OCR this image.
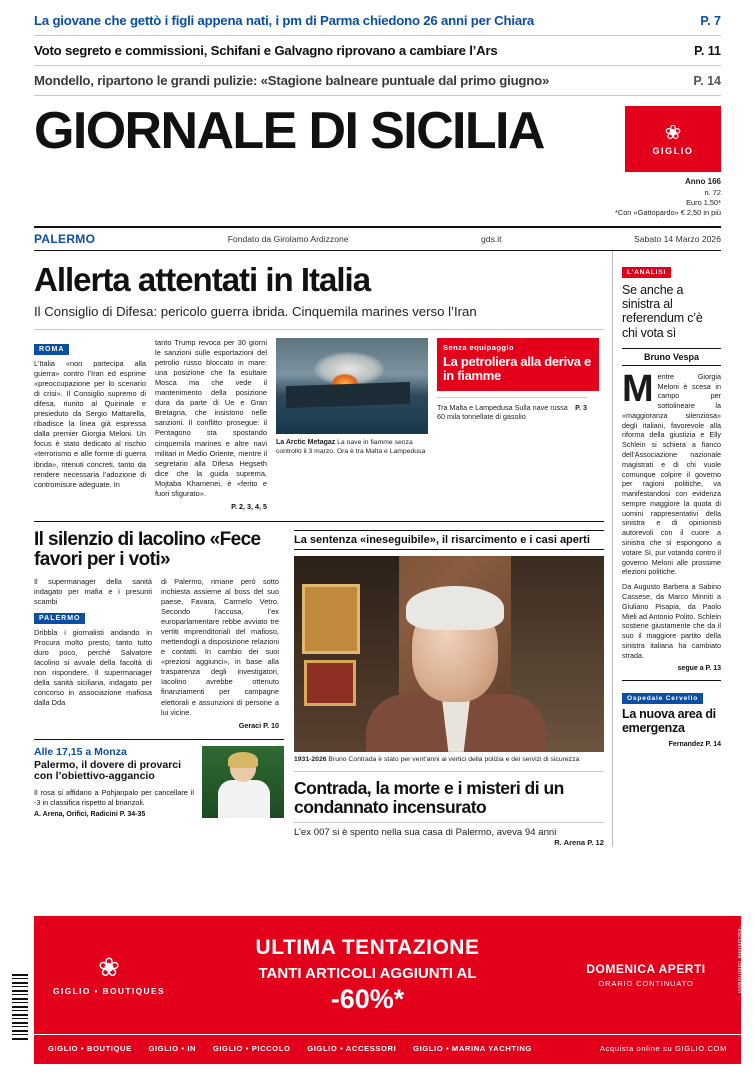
La giovane che gettò i figli appena nati, i pm di Parma chiedono 26 anni per Chiara	P. 7
Voto segreto e commissioni, Schifani e Galvagno riprovano a cambiare l’Ars	P. 11
Mondello, ripartono le grandi pulizie: «Stagione balneare puntuale dal primo giugno»	P. 14
GIORNALE DI SICILIA	❀
GIGLIO
Anno 166
n. 72
Euro 1,50*
*Con «Gattopardo» € 2,50 in più
PALERMO	Fondato da Girolamo Ardizzone	gds.it	Sabato 14 Marzo 2026
Allerta attentati in Italia
Il Consiglio di Difesa: pericolo guerra ibrida. Cinquemila marines verso l’Iran
ROMA
L’Italia «non partecipa alla guerra» contro l’Iran ed esprime «preoccupazione per lo scenario di crisi». Il Consiglio supremo di difesa, riunito al Quirinale e presieduto da Sergio Mattarella, ribadisce la linea già espressa dalla premier Giorgia Meloni. Un focus è stato dedicato al rischio «terrorismo e alle forme di guerra ibrida», ritenuti concreti, tanto da rendere necessaria l’adozione di contromisure adeguate. In
tanto Trump revoca per 30 giorni le sanzioni sulle esportazioni del petrolio russo bloccato in mare: una posizione che fa esultare Mosca ma che vede il mantenimento della posizione dura da parte di Ue e Gran Bretagna, che insistono nelle sanzioni. Il conflitto prosegue: il Pentagono sta spostando cinquemila marines e altre navi militari in Medio Oriente, mentre il segretario alla Difesa Hegseth dice che la guida suprema, Mojtaba Khamenei, è «ferito e fuori sfigurato».
P. 2, 3, 4, 5
La Arctic Metagaz La nave in fiamme senza controllo il 3 marzo. Ora è tra Malta e Lampedusa
Senza equipaggio
La petroliera alla deriva e in fiamme
P. 3
Tra Malta e Lampedusa Sulla nave russa 60 mila tonnellate di gasolio
Il silenzio di Iacolino «Fece favori per i voti»
Il supermanager della sanità indagato per mafia e i presunti scambi
PALERMO
Dribbla i giornalisti andando in Procura molto presto, tanto tutto duro poco, perché Salvatore Iacolino si avvale della facoltà di non rispondere. Il supermanager della sanità siciliana, indagato per concorso in associazione mafiosa dalla Dda
di Palermo, rimane però sotto inchiesta assieme al boss del suo paese, Favara, Carmelo Vetro. Secondo l’accusa, l’ex europarlamentare rebbe avviato tre vertiti imprenditoriali del mafioso, mettendogli a disposizione relazioni e contatti. In cambio dei suoi «preziosi aggiunci», in base alla trasparenza degli investigatori, Iacolino avrebbe ottenuto finanziamenti per campagne elettorali e assunzioni di persone a lui vicine.
Geraci P. 10
Alle 17,15 a Monza
Palermo, il dovere di provarci con l’obiettivo-aggancio
Il rosa si affidano a Pohjanpalo per cancellare il -3 in classifica rispetto al brianzoli.
A. Arena, Orifici, Radicini P. 34-35
La sentenza «ineseguibile», il risarcimento e i casi aperti
1931-2026 Bruno Contrada è stato per vent’anni ai vertici della polizia e dei servizi di sicurezza
Contrada, la morte e i misteri di un condannato incensurato
L’ex 007 si è spento nella sua casa di Palermo, aveva 94 anni
R. Arena P. 12
L’ANALISI
Se anche a sinistra al referendum c’è chi vota sì
Bruno Vespa
M entre Giorgia Meloni è scesa in campo per sottolineare la «maggioranza silenziosa» degli italiani, favorevole alla riforma della giustizia e Elly Schlein si schiera a fianco dell’Associazione nazionale magistrati e di chi vuole comunque colpire il governo per ragioni politiche, va manifestandosi con evidenza sempre maggiore la quota di uomini rappresentativi della sinistra e di opinionisti autorevoli con il cuore a sinistra che si espongono a votare Sì, pur votando contro il governo Meloni alle prossime elezioni politiche.

Da Augusto Barbera a Sabino Cassese, da Marco Minniti a Giuliano Pisapia, da Paolo Mieli ad Antonio Polito. Schlein sostiene giustamente che da il suo il maggiore partito della sinistra italiana ha cambiato strada.

segue a P. 13
Ospedale Cervello
La nuova area di emergenza
Fernandez P. 14
❀
GIGLIO • BOUTIQUES
ULTIMA TENTAZIONE
TANTI ARTICOLI AGGIUNTI AL
-60%*
DOMENICA APERTI
ORARIO CONTINUATO
GIGLIO • BOUTIQUE GIGLIO • IN GIGLIO • PICCOLO GIGLIO • ACCESSORI GIGLIO • MARINA YACHTING	Acquista online su GIGLIO.COM
*esclusione continuativi
